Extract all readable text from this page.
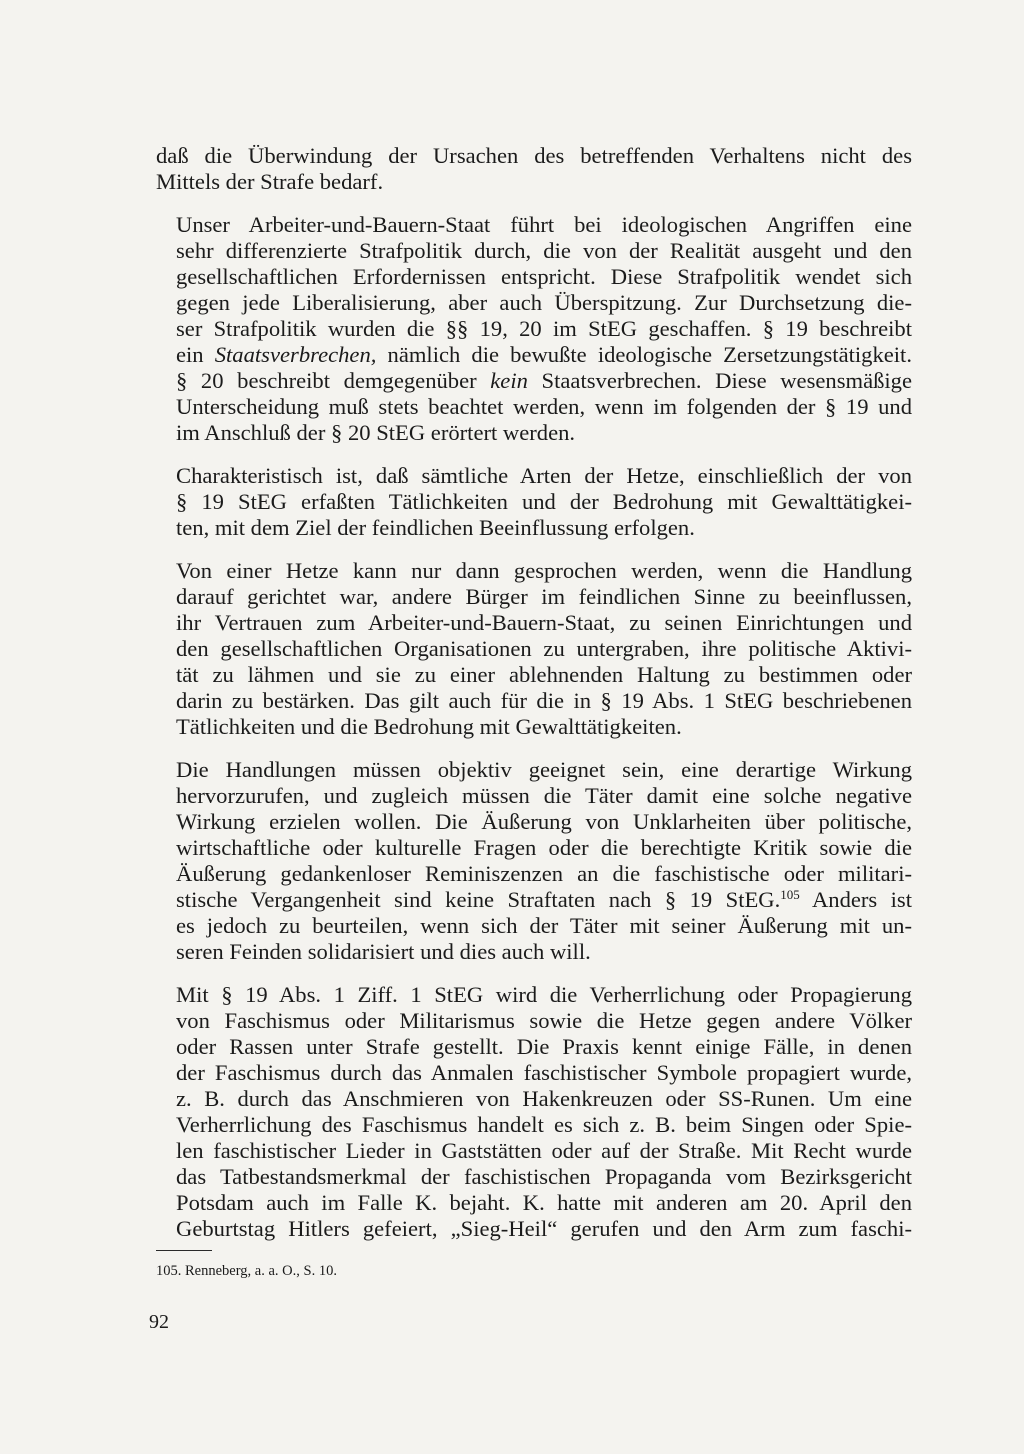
daß die Überwindung der Ursachen des betreffenden Verhaltens nicht des
Mittels der Strafe bedarf.

Unser Arbeiter-und-Bauern-Staat führt bei ideologischen Angriffen eine
sehr differenzierte Strafpolitik durch, die von der Realität ausgeht und den
gesellschaftlichen Erfordernissen entspricht. Diese Strafpolitik wendet sich
gegen jede Liberalisierung, aber auch Überspitzung. Zur Durchsetzung die-
ser Strafpolitik wurden die §§ 19, 20 im StEG geschaffen. § 19 beschreibt
ein Staatsverbrechen, nämlich die bewußte ideologische Zersetzungstätigkeit.
§ 20 beschreibt demgegenüber kein Staatsverbrechen. Diese wesensmäßige
Unterscheidung muß stets beachtet werden, wenn im folgenden der § 19 und
im Anschluß der § 20 StEG erörtert werden.

Charakteristisch ist, daß sämtliche Arten der Hetze, einschließlich der von
§ 19 StEG erfaßten Tätlichkeiten und der Bedrohung mit Gewalttätigkei-
ten, mit dem Ziel der feindlichen Beeinflussung erfolgen.

Von einer Hetze kann nur dann gesprochen werden, wenn die Handlung
darauf gerichtet war, andere Bürger im feindlichen Sinne zu beeinflussen,
ihr Vertrauen zum Arbeiter-und-Bauern-Staat, zu seinen Einrichtungen und
den gesellschaftlichen Organisationen zu untergraben, ihre politische Aktivi-
tät zu lähmen und sie zu einer ablehnenden Haltung zu bestimmen oder
darin zu bestärken. Das gilt auch für die in § 19 Abs. 1 StEG beschriebenen
Tätlichkeiten und die Bedrohung mit Gewalttätigkeiten.

Die Handlungen müssen objektiv geeignet sein, eine derartige Wirkung
hervorzurufen, und zugleich müssen die Täter damit eine solche negative
Wirkung erzielen wollen. Die Äußerung von Unklarheiten über politische,
wirtschaftliche oder kulturelle Fragen oder die berechtigte Kritik sowie die
Äußerung gedankenloser Reminiszenzen an die faschistische oder militari-
stische Vergangenheit sind keine Straftaten nach § 19 StEG.$^{105}$ Anders ist
es jedoch zu beurteilen, wenn sich der Täter mit seiner Äußerung mit un-
seren Feinden solidarisiert und dies auch will.

Mit § 19 Abs. 1 Ziff. 1 StEG wird die Verherrlichung oder Propagierung
von Faschismus oder Militarismus sowie die Hetze gegen andere Völker
oder Rassen unter Strafe gestellt. Die Praxis kennt einige Fälle, in denen
der Faschismus durch das Anmalen faschistischer Symbole propagiert wurde,
z. B. durch das Anschmieren von Hakenkreuzen oder SS-Runen. Um eine
Verherrlichung des Faschismus handelt es sich z. B. beim Singen oder Spie-
len faschistischer Lieder in Gaststätten oder auf der Straße. Mit Recht wurde
das Tatbestandsmerkmal der faschistischen Propaganda vom Bezirksgericht
Potsdam auch im Falle K. bejaht. K. hatte mit anderen am 20. April den
Geburtstag Hitlers gefeiert, „Sieg-Heil“ gerufen und den Arm zum faschi-

105. Renneberg, a. a. O., S. 10.
92
